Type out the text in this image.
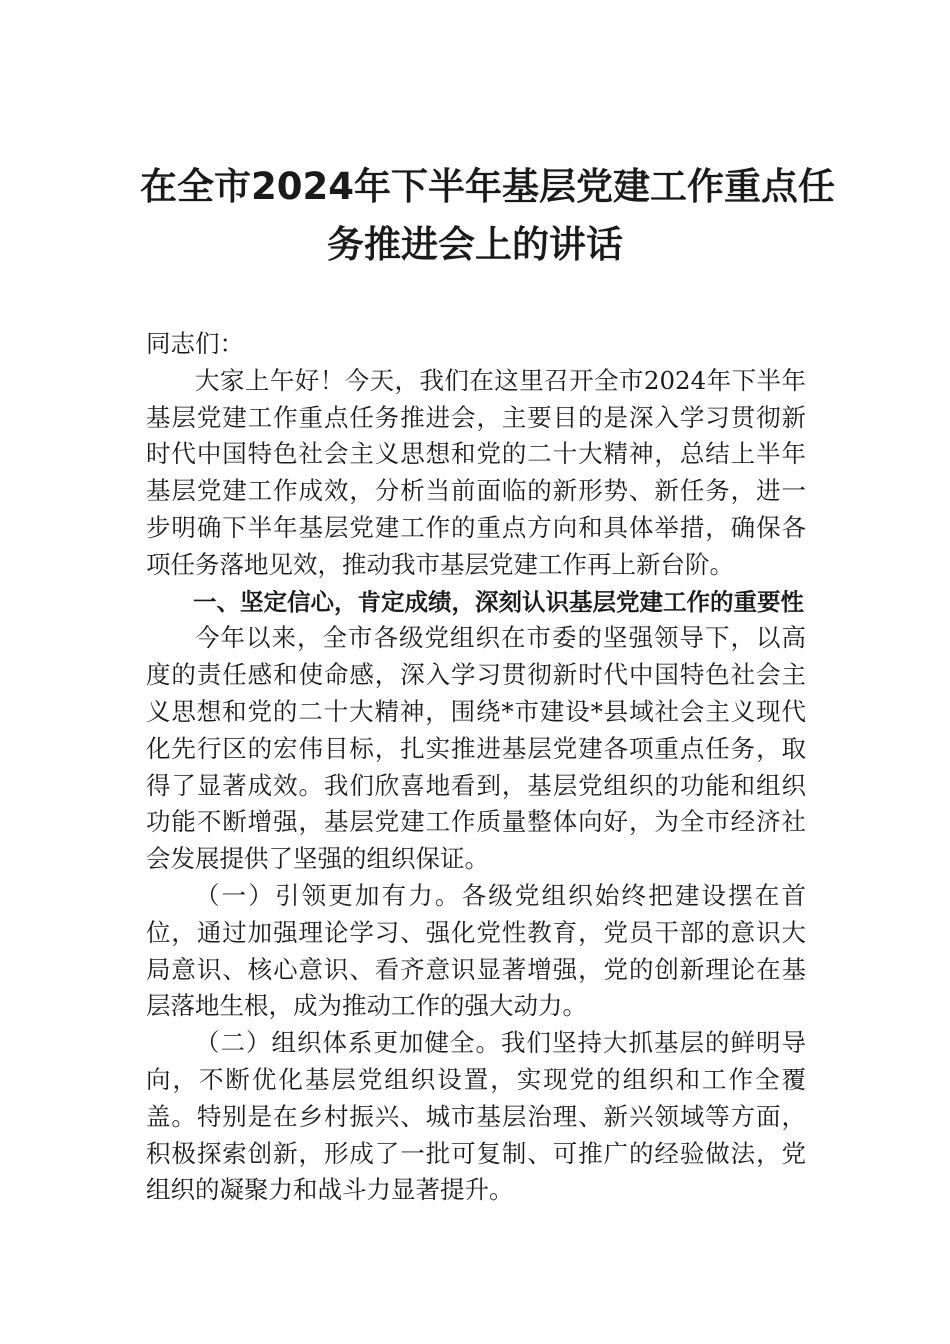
在全市2024年下半年基层党建工作重点任
务推进会上的讲话

同志们：

大家上午好！今天，我们在这里召开全市2024年下半年基层党建工作重点任务推进会，主要目的是深入学习贯彻新时代中国特色社会主义思想和党的二十大精神，总结上半年基层党建工作成效，分析当前面临的新形势、新任务，进一步明确下半年基层党建工作的重点方向和具体举措，确保各项任务落地见效，推动我市基层党建工作再上新台阶。

一、坚定信心，肯定成绩，深刻认识基层党建工作的重要性

今年以来，全市各级党组织在市委的坚强领导下，以高度的责任感和使命感，深入学习贯彻新时代中国特色社会主义思想和党的二十大精神，围绕*市建设*县域社会主义现代化先行区的宏伟目标，扎实推进基层党建各项重点任务，取得了显著成效。我们欣喜地看到，基层党组织的功能和组织功能不断增强，基层党建工作质量整体向好，为全市经济社会发展提供了坚强的组织保证。

（一）引领更加有力。各级党组织始终把建设摆在首位，通过加强理论学习、强化党性教育，党员干部的意识大局意识、核心意识、看齐意识显著增强，党的创新理论在基层落地生根，成为推动工作的强大动力。

（二）组织体系更加健全。我们坚持大抓基层的鲜明导向，不断优化基层党组织设置，实现党的组织和工作全覆盖。特别是在乡村振兴、城市基层治理、新兴领域等方面，积极探索创新，形成了一批可复制、可推广的经验做法，党组织的凝聚力和战斗力显著提升。
